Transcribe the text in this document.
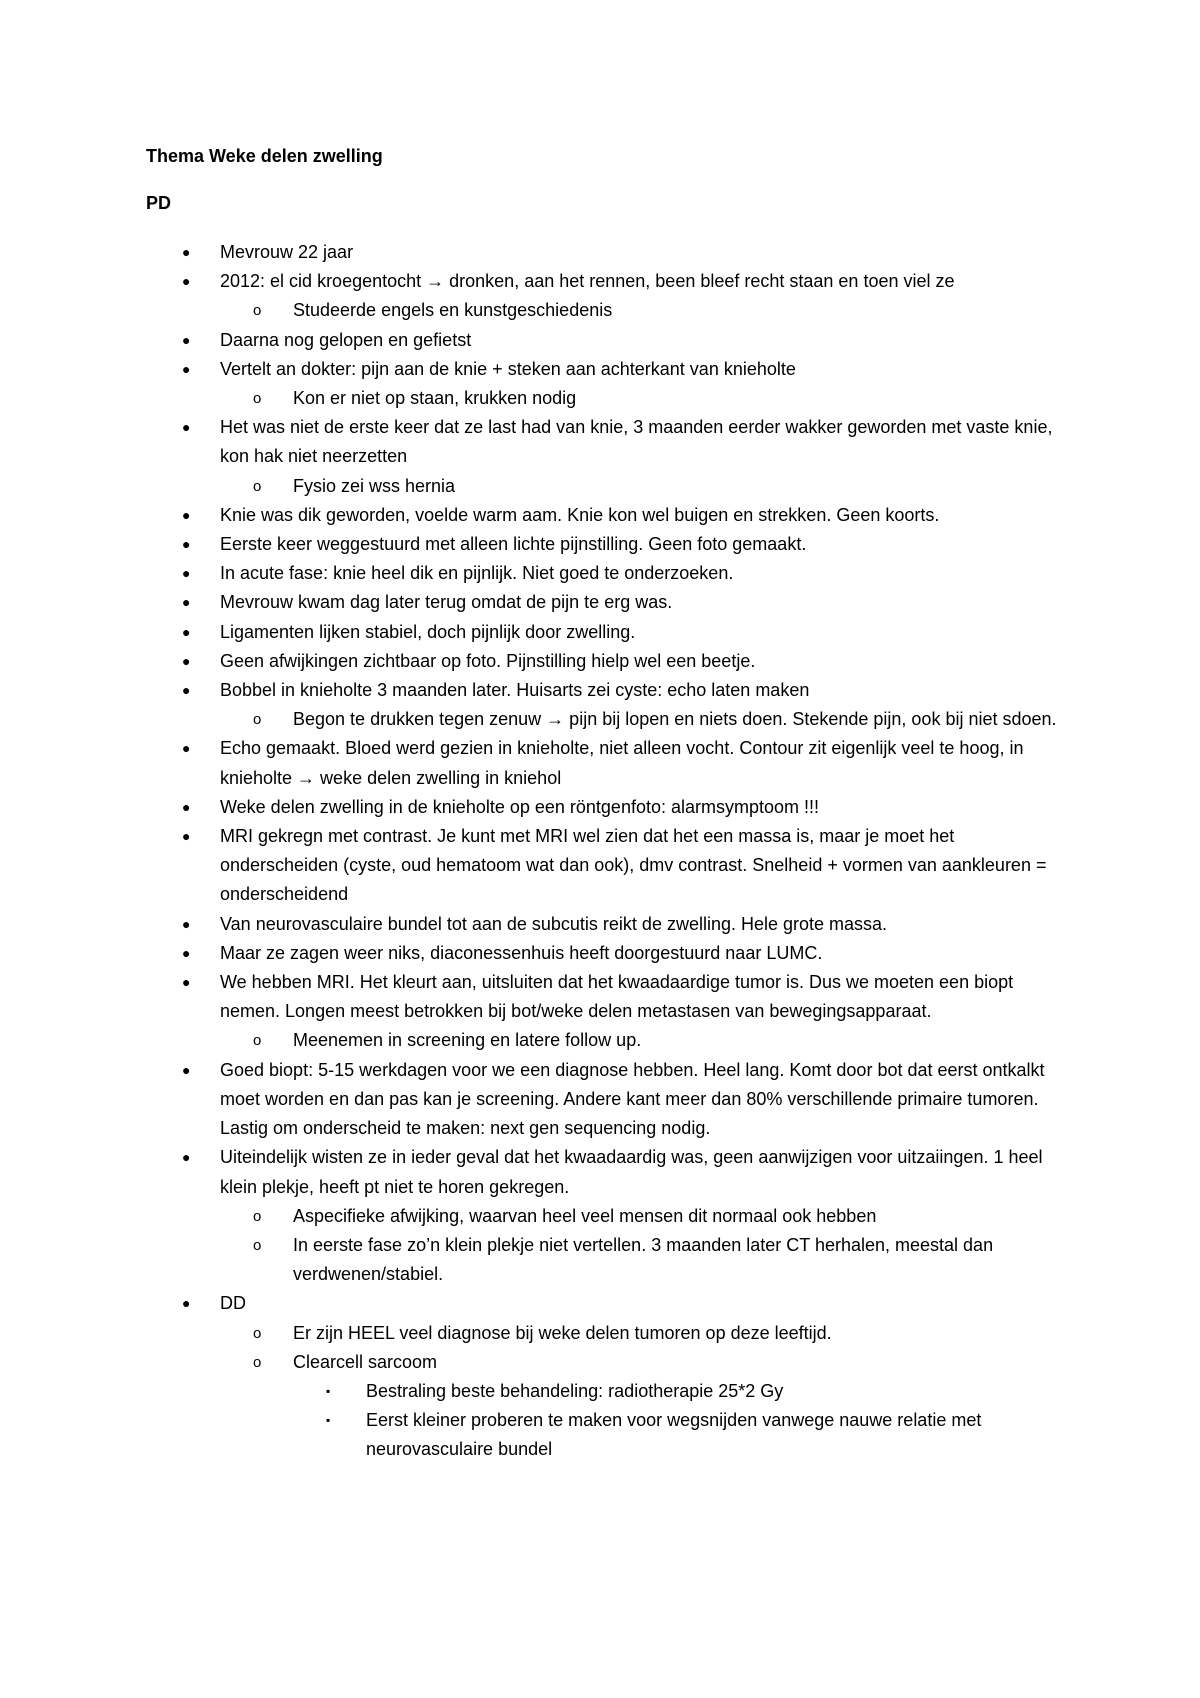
Thema Weke delen zwelling
PD
● Mevrouw 22 jaar
● 2012: el cid kroegentocht → dronken, aan het rennen, been bleef recht staan en toen viel ze
o Studeerde engels en kunstgeschiedenis
● Daarna nog gelopen en gefietst
● Vertelt an dokter: pijn aan de knie + steken aan achterkant van knieholte
o Kon er niet op staan, krukken nodig
● Het was niet de erste keer dat ze last had van knie, 3 maanden eerder wakker geworden met vaste knie, kon hak niet neerzetten
o Fysio zei wss hernia
● Knie was dik geworden, voelde warm aam. Knie kon wel buigen en strekken. Geen koorts.
● Eerste keer weggestuurd met alleen lichte pijnstilling. Geen foto gemaakt.
● In acute fase: knie heel dik en pijnlijk. Niet goed te onderzoeken.
● Mevrouw kwam dag later terug omdat de pijn te erg was.
● Ligamenten lijken stabiel, doch pijnlijk door zwelling.
● Geen afwijkingen zichtbaar op foto. Pijnstilling hielp wel een beetje.
● Bobbel in knieholte 3 maanden later. Huisarts zei cyste: echo laten maken
o Begon te drukken tegen zenuw → pijn bij lopen en niets doen. Stekende pijn, ook bij niet sdoen.
● Echo gemaakt. Bloed werd gezien in knieholte, niet alleen vocht. Contour zit eigenlijk veel te hoog, in knieholte → weke delen zwelling in kniehol
● Weke delen zwelling in de knieholte op een röntgenfoto: alarmsymptoom !!!
● MRI gekregn met contrast. Je kunt met MRI wel zien dat het een massa is, maar je moet het onderscheiden (cyste, oud hematoom wat dan ook), dmv contrast. Snelheid + vormen van aankleuren = onderscheidend
● Van neurovasculaire bundel tot aan de subcutis reikt de zwelling. Hele grote massa.
● Maar ze zagen weer niks, diaconessenhuis heeft doorgestuurd naar LUMC.
● We hebben MRI. Het kleurt aan, uitsluiten dat het kwaadaardige tumor is. Dus we moeten een biopt nemen. Longen meest betrokken bij bot/weke delen metastasen van bewegingsapparaat.
o Meenemen in screening en latere follow up.
● Goed biopt: 5-15 werkdagen voor we een diagnose hebben. Heel lang. Komt door bot dat eerst ontkalkt moet worden en dan pas kan je screening. Andere kant meer dan 80% verschillende primaire tumoren. Lastig om onderscheid te maken: next gen sequencing nodig.
● Uiteindelijk wisten ze in ieder geval dat het kwaadaardig was, geen aanwijzigen voor uitzaiingen. 1 heel klein plekje, heeft pt niet te horen gekregen.
o Aspecifieke afwijking, waarvan heel veel mensen dit normaal ook hebben
o In eerste fase zo’n klein plekje niet vertellen. 3 maanden later CT herhalen, meestal dan verdwenen/stabiel.
● DD
o Er zijn HEEL veel diagnose bij weke delen tumoren op deze leeftijd.
o Clearcell sarcoom
▪ Bestraling beste behandeling: radiotherapie 25*2 Gy
▪ Eerst kleiner proberen te maken voor wegsnijden vanwege nauwe relatie met neurovasculaire bundel
